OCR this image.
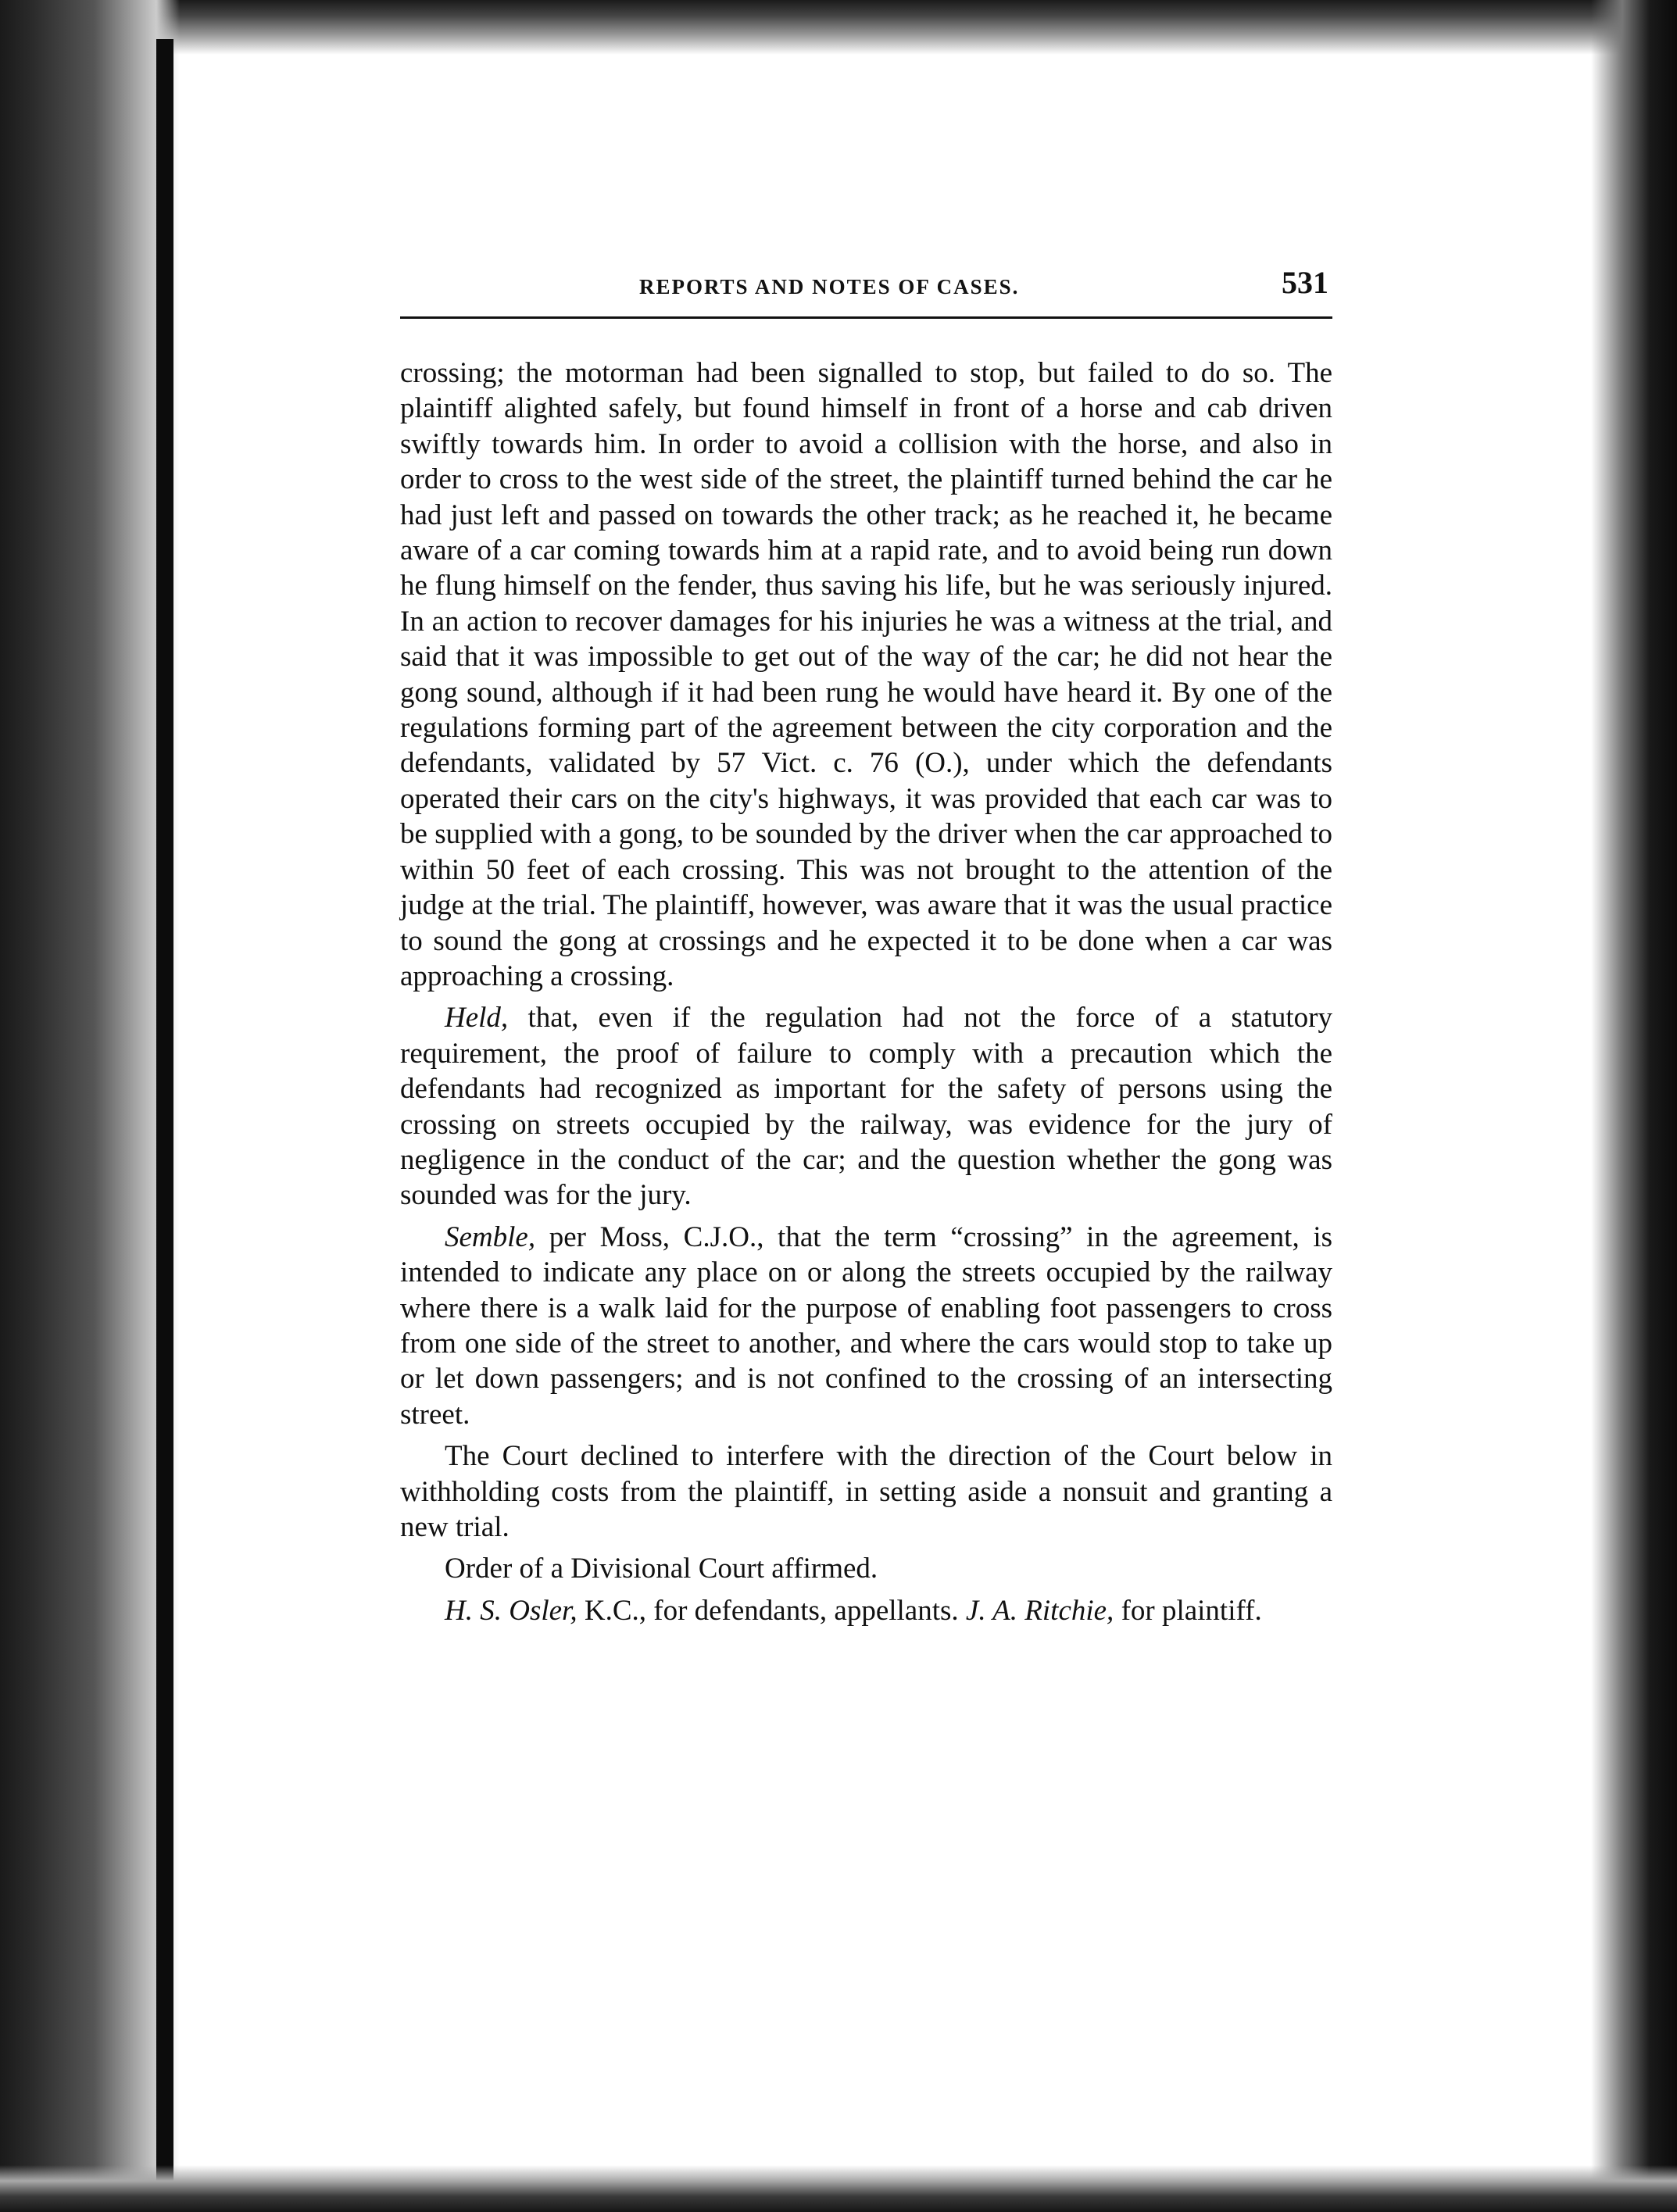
REPORTS AND NOTES OF CASES.	531

crossing; the motorman had been signalled to stop, but failed to do so. The plaintiff alighted safely, but found himself in front of a horse and cab driven swiftly towards him. In order to avoid a collision with the horse, and also in order to cross to the west side of the street, the plaintiff turned behind the car he had just left and passed on towards the other track; as he reached it, he became aware of a car coming towards him at a rapid rate, and to avoid being run down he flung himself on the fender, thus saving his life, but he was seriously injured. In an action to recover damages for his injuries he was a witness at the trial, and said that it was impossible to get out of the way of the car; he did not hear the gong sound, although if it had been rung he would have heard it. By one of the regulations forming part of the agreement between the city corporation and the defendants, validated by 57 Vict. c. 76 (O.), under which the defendants operated their cars on the city's highways, it was provided that each car was to be supplied with a gong, to be sounded by the driver when the car approached to within 50 feet of each crossing. This was not brought to the attention of the judge at the trial. The plaintiff, however, was aware that it was the usual practice to sound the gong at crossings and he expected it to be done when a car was approaching a crossing.

Held, that, even if the regulation had not the force of a statutory requirement, the proof of failure to comply with a precaution which the defendants had recognized as important for the safety of persons using the crossing on streets occupied by the railway, was evidence for the jury of negligence in the conduct of the car; and the question whether the gong was sounded was for the jury.

Semble, per Moss, C.J.O., that the term “crossing” in the agreement, is intended to indicate any place on or along the streets occupied by the railway where there is a walk laid for the purpose of enabling foot passengers to cross from one side of the street to another, and where the cars would stop to take up or let down passengers; and is not confined to the crossing of an intersecting street.

The Court declined to interfere with the direction of the Court below in withholding costs from the plaintiff, in setting aside a nonsuit and granting a new trial.

Order of a Divisional Court affirmed.

H. S. Osler, K.C., for defendants, appellants. J. A. Ritchie, for plaintiff.
